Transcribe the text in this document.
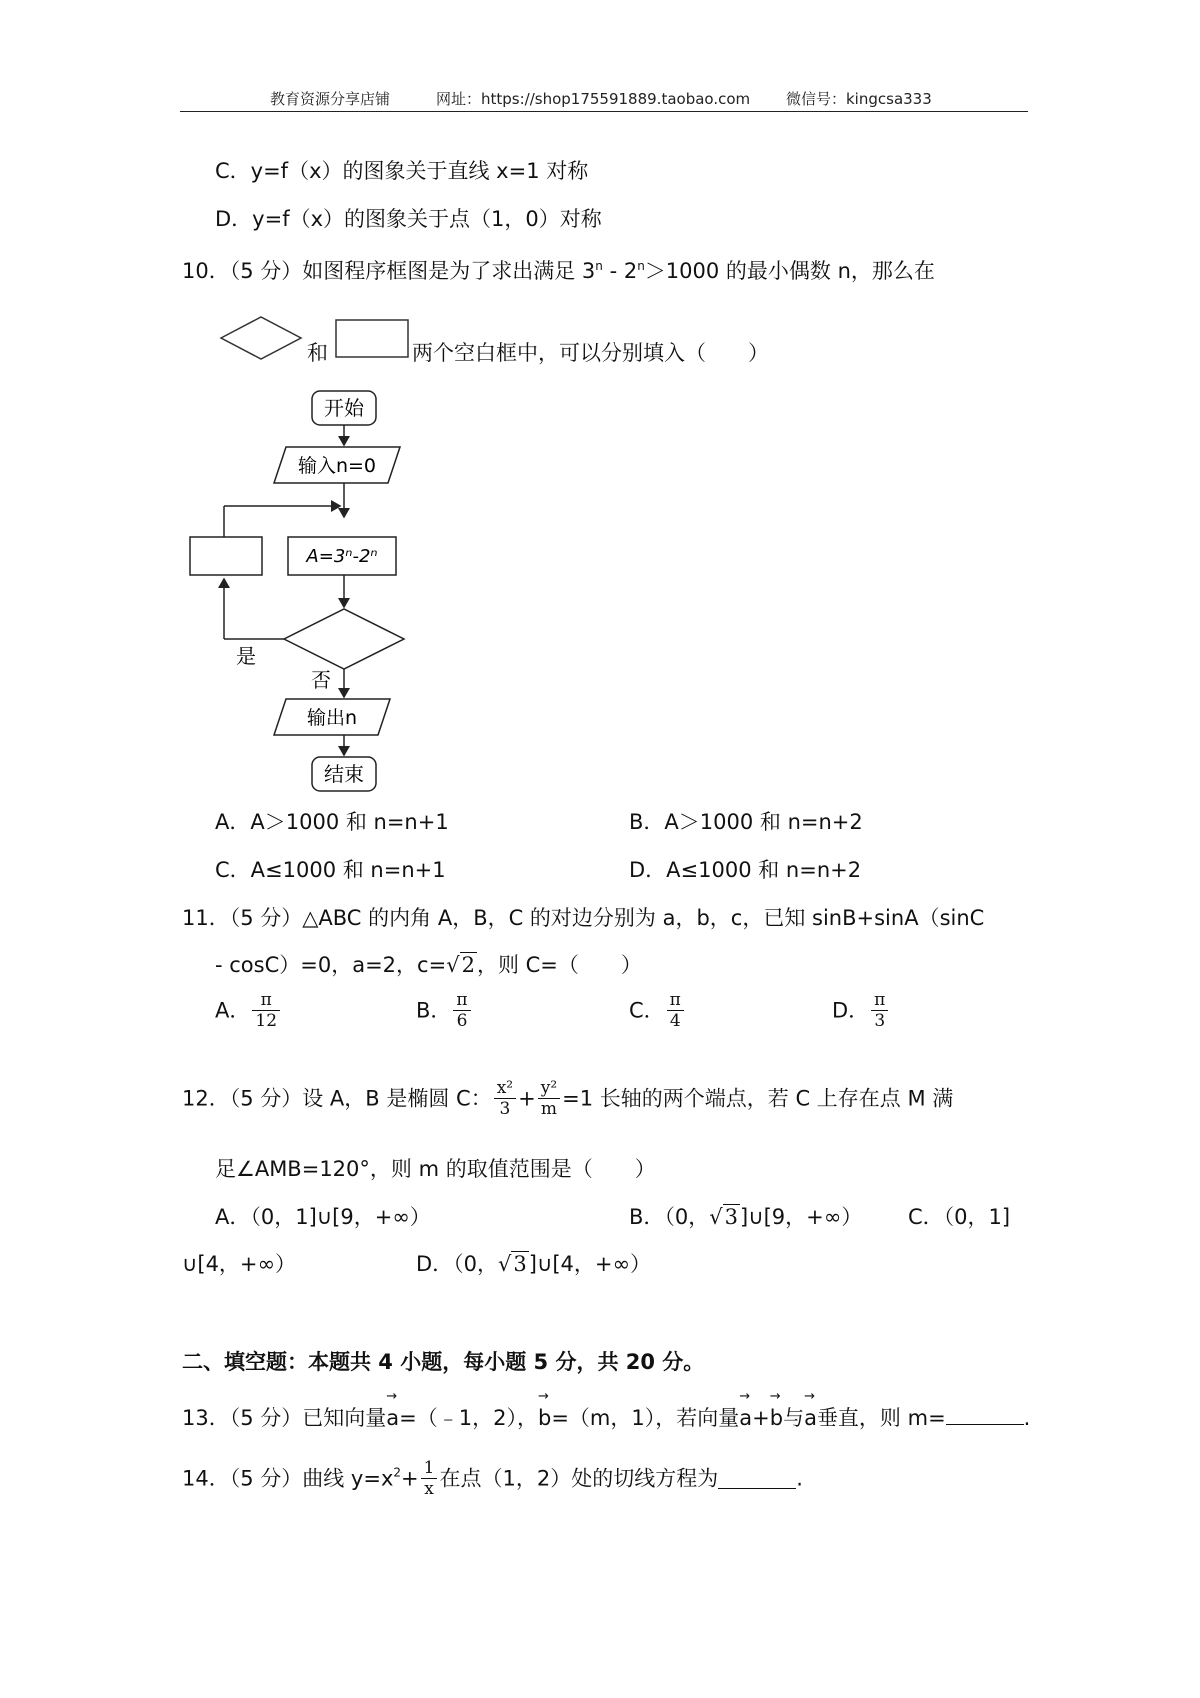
教育资源分享店铺	网址：https://shop175591889.taobao.com 微信号：kingcsa333
C．y=f（x）的图象关于直线 x=1 对称
D．y=f（x）的图象关于点（1，0）对称
10．（5 分）如图程序框图是为了求出满足 3$^n$ ‐ $2^n>1000$ 的最小偶数 n，那么在
和	两个空白框中，可以分别填入（　　）
开始
输入n=0
A=3ⁿ-2ⁿ
是
否
输出n
结束
A．A＞1000 和 n=n+1	B．A＞1000 和 n=n+2
C．A≤1000 和 n=n+1	D．A≤1000 和 n=n+2
11．（5 分）△ABC 的内角 A，B，C 的对边分别为 a，b，c，已知 sinB+sinA（sinC
‐ cosC）=0，a=2，c=√2，则 C=（　　）
A． $\frac{\pi}{12}$	B． $\frac{\pi}{6}$	C． $\frac{\pi}{4}$	D． $\frac{\pi}{3}$
12．（5 分）设 A，B 是椭圆 C： $\frac{\text{x²}}{3} + \frac{\text{y²}}{m} =1$ 长轴的两个端点，若 C 上存在点 M 满
足∠AMB=120°，则 m 的取值范围是（　　）
A．（0，1]∪[9，+∞）	B．（0，√3]∪[9，+∞） C．（0，1]
∪[4，+∞）	D．（0，√3]∪[4，+∞）
二、填空题：本题共 4 小题，每小题 5 分，共 20 分。
13．（5 分）已知向量→ a=（﹣1，2），→ b=（m，1），若向量→ a+→ b与→ a垂直，则 m=	.
14．（5 分）曲线 $y=x^2+ \frac{1}{x}$ 在点（1，2）处的切线方程为	.
